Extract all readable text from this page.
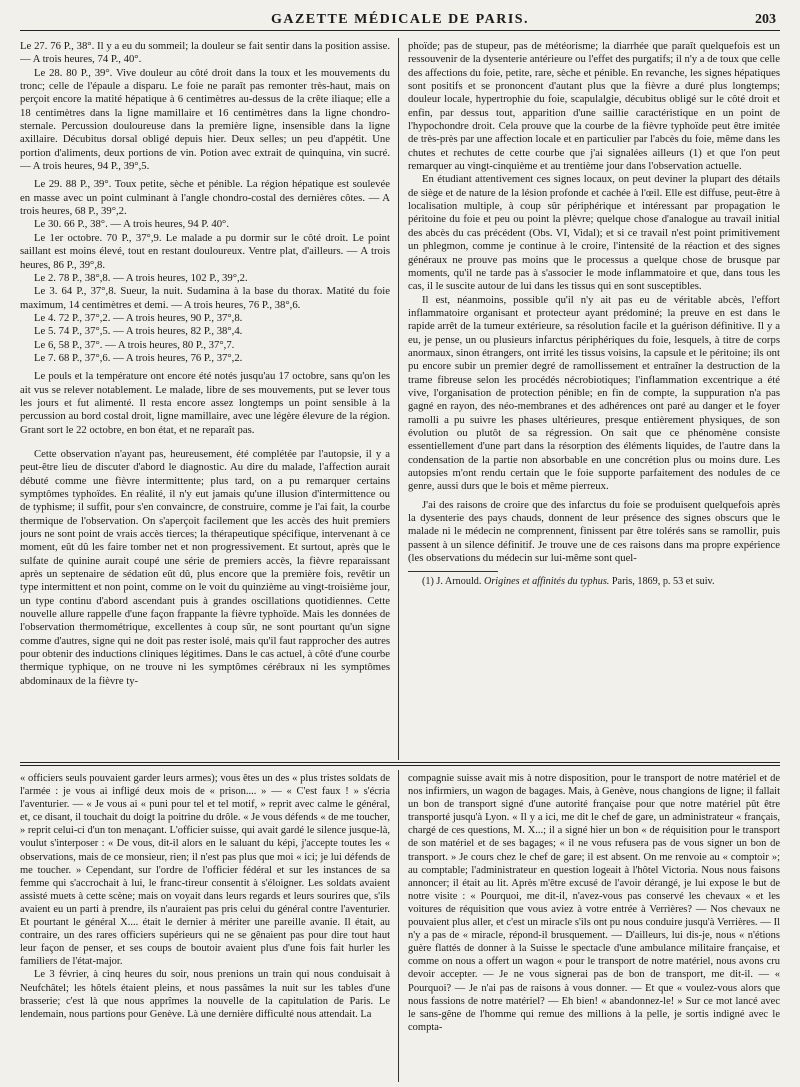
GAZETTE MÉDICALE DE PARIS.	203

Le 27. 76 P., 38°. Il y a eu du sommeil; la douleur se fait sentir dans la position assise. — A trois heures, 74 P., 40°.

Le 28. 80 P., 39°. Vive douleur au côté droit dans la toux et les mouvements du tronc; celle de l'épaule a disparu. Le foie ne paraît pas remonter très-haut, mais on perçoit encore la matité hépatique à 6 centimètres au-dessus de la crête iliaque; elle a 18 centimètres dans la ligne mamillaire et 16 centimètres dans la ligne chondro-sternale. Percussion douloureuse dans la première ligne, insensible dans la ligne axillaire. Décubitus dorsal obligé depuis hier. Deux selles; un peu d'appétit. Une portion d'aliments, deux portions de vin. Potion avec extrait de quinquina, vin sucré. — A trois heures, 94 P., 39°,5.

Le 29. 88 P., 39°. Toux petite, sèche et pénible. La région hépatique est soulevée en masse avec un point culminant à l'angle chondro-costal des dernières côtes. — A trois heures, 68 P., 39°,2.

Le 30. 66 P., 38°. — A trois heures, 94 P. 40°.

Le 1er octobre. 70 P., 37°,9. Le malade a pu dormir sur le côté droit. Le point saillant est moins élevé, tout en restant douloureux. Ventre plat, d'ailleurs. — A trois heures, 86 P., 39°,8.

Le 2. 78 P., 38°,8. — A trois heures, 102 P., 39°,2.

Le 3. 64 P., 37°,8. Sueur, la nuit. Sudamina à la base du thorax. Matité du foie maximum, 14 centimètres et demi. — A trois heures, 76 P., 38°,6.

Le 4. 72 P., 37°,2. — A trois heures, 90 P., 37°,8.

Le 5. 74 P., 37°,5. — A trois heures, 82 P., 38°,4.

Le 6, 58 P., 37°. — A trois heures, 80 P., 37°,7.

Le 7. 68 P., 37°,6. — A trois heures, 76 P., 37°,2.

Le pouls et la température ont encore été notés jusqu'au 17 octobre, sans qu'on les ait vus se relever notablement. Le malade, libre de ses mouvements, put se lever tous les jours et fut alimenté. Il resta encore assez longtemps un point sensible à la percussion au bord costal droit, ligne mamillaire, avec une légère élevure de la région. Grant sort le 22 octobre, en bon état, et ne reparaît pas.

Cette observation n'ayant pas, heureusement, été complétée par l'autopsie, il y a peut-être lieu de discuter d'abord le diagnostic. Au dire du malade, l'affection aurait débuté comme une fièvre intermittente; plus tard, on a pu remarquer certains symptômes typhoïdes. En réalité, il n'y eut jamais qu'une illusion d'intermittence ou de typhisme; il suffit, pour s'en convaincre, de construire, comme je l'ai fait, la courbe thermique de l'observation. On s'aperçoit facilement que les accès des huit premiers jours ne sont point de vrais accès tierces; la thérapeutique spécifique, intervenant à ce moment, eût dû les faire tomber net et non progressivement. Et surtout, après que le sulfate de quinine aurait coupé une série de premiers accès, la fièvre reparaissant après un septenaire de sédation eût dû, plus encore que la première fois, revêtir un type intermittent et non point, comme on le voit du quinzième au vingt-troisième jour, un type continu d'abord ascendant puis à grandes oscillations quotidiennes. Cette nouvelle allure rappelle d'une façon frappante la fièvre typhoïde. Mais les données de l'observation thermométrique, excellentes à coup sûr, ne sont pourtant qu'un signe comme d'autres, signe qui ne doit pas rester isolé, mais qu'il faut rapprocher des autres pour obtenir des inductions cliniques légitimes. Dans le cas actuel, à côté d'une courbe thermique typhique, on ne trouve ni les symptômes cérébraux ni les symptômes abdominaux de la fièvre ty-

phoïde; pas de stupeur, pas de météorisme; la diarrhée que paraît quelquefois est un ressouvenir de la dysenterie antérieure ou l'effet des purgatifs; il n'y a de toux que celle des affections du foie, petite, rare, sèche et pénible. En revanche, les signes hépatiques sont positifs et se prononcent d'autant plus que la fièvre a duré plus longtemps; douleur locale, hypertrophie du foie, scapulalgie, décubitus obligé sur le côté droit et enfin, par dessus tout, apparition d'une saillie caractéristique en un point de l'hypochondre droit. Cela prouve que la courbe de la fièvre typhoïde peut être imitée de très-près par une affection locale et en particulier par l'abcès du foie, même dans les chutes et rechutes de cette courbe que j'ai signalées ailleurs (1) et que l'on peut remarquer au vingt-cinquième et au trentième jour dans l'observation actuelle.

En étudiant attentivement ces signes locaux, on peut deviner la plupart des détails de siège et de nature de la lésion profonde et cachée à l'œil. Elle est diffuse, peut-être à localisation multiple, à coup sûr périphérique et intéressant par propagation le péritoine du foie et peu ou point la plèvre; quelque chose d'analogue au travail initial des abcès du cas précédent (Obs. VI, Vidal); et si ce travail n'est point primitivement un phlegmon, comme je continue à le croire, l'intensité de la réaction et des signes généraux ne prouve pas moins que le processus a quelque chose de brusque par moments, qu'il ne tarde pas à s'associer le mode inflammatoire et que, dans tous les cas, il le suscite autour de lui dans les tissus qui en sont susceptibles.

Il est, néanmoins, possible qu'il n'y ait pas eu de véritable abcès, l'effort inflammatoire organisant et protecteur ayant prédominé; la preuve en est dans le rapide arrêt de la tumeur extérieure, sa résolution facile et la guérison définitive. Il y a eu, je pense, un ou plusieurs infarctus périphériques du foie, lesquels, à titre de corps anormaux, sinon étrangers, ont irrité les tissus voisins, la capsule et le péritoine; ils ont pu encore subir un premier degré de ramollissement et entraîner la destruction de la trame fibreuse selon les procédés nécrobiotiques; l'inflammation excentrique a été vive, l'organisation de protection pénible; en fin de compte, la suppuration n'a pas gagné en rayon, des néo-membranes et des adhérences ont paré au danger et le foyer ramolli a pu suivre les phases ultérieures, presque entièrement physiques, de son évolution ou plutôt de sa régression. On sait que ce phénomène consiste essentiellement d'une part dans la résorption des éléments liquides, de l'autre dans la condensation de la partie non absorbable en une concrétion plus ou moins dure. Les autopsies m'ont rendu certain que le foie supporte parfaitement des nodules de ce genre, aussi durs que le bois et même pierreux.

J'ai des raisons de croire que des infarctus du foie se produisent quelquefois après la dysenterie des pays chauds, donnent de leur présence des signes obscurs que le malade ni le médecin ne comprennent, finissent par être tolérés sans se ramollir, puis passent à un silence définitif. Je trouve une de ces raisons dans ma propre expérience (les observations du médecin sur lui-même sont quel-

(1) J. Arnould. Origines et affinités du typhus. Paris, 1869, p. 53 et suiv.

« officiers seuls pouvaient garder leurs armes); vous êtes un des « plus tristes soldats de l'armée : je vous ai infligé deux mois de « prison.... » — « C'est faux ! » s'écria l'aventurier. — « Je vous ai « puni pour tel et tel motif, » reprit avec calme le général, et, ce disant, il touchait du doigt la poitrine du drôle. « Je vous défends « de me toucher, » reprit celui-ci d'un ton menaçant. L'officier suisse, qui avait gardé le silence jusque-là, voulut s'interposer : « De vous, dit-il alors en le saluant du képi, j'accepte toutes les « observations, mais de ce monsieur, rien; il n'est pas plus que moi « ici; je lui défends de me toucher. » Cependant, sur l'ordre de l'officier fédéral et sur les instances de sa femme qui s'accrochait à lui, le franc-tireur consentit à s'éloigner. Les soldats avaient assisté muets à cette scène; mais on voyait dans leurs regards et leurs sourires que, s'ils avaient eu un parti à prendre, ils n'auraient pas pris celui du général contre l'aventurier. Et pourtant le général X.... était le dernier à mériter une pareille avanie. Il était, au contraire, un des rares officiers supérieurs qui ne se gênaient pas pour dire tout haut leur façon de penser, et ses coups de boutoir avaient plus d'une fois fait hurler les familiers de l'état-major.

Le 3 février, à cinq heures du soir, nous prenions un train qui nous conduisait à Neufchâtel; les hôtels étaient pleins, et nous passâmes la nuit sur les tables d'une brasserie; c'est là que nous apprîmes la nouvelle de la capitulation de Paris. Le lendemain, nous partions pour Genève. Là une dernière difficulté nous attendait. La

compagnie suisse avait mis à notre disposition, pour le transport de notre matériel et de nos infirmiers, un wagon de bagages. Mais, à Genève, nous changions de ligne; il fallait un bon de transport signé d'une autorité française pour que notre matériel pût être transporté jusqu'à Lyon. « Il y a ici, me dit le chef de gare, un administrateur « français, chargé de ces questions, M. X...; il a signé hier un bon « de réquisition pour le transport de son matériel et de ses bagages; « il ne vous refusera pas de vous signer un bon de transport. » Je cours chez le chef de gare; il est absent. On me renvoie au « comptoir »; au comptable; l'administrateur en question logeait à l'hôtel Victoria. Nous nous faisons annoncer; il était au lit. Après m'être excusé de l'avoir dérangé, je lui expose le but de notre visite : « Pourquoi, me dit-il, n'avez-vous pas conservé les chevaux « et les voitures de réquisition que vous aviez à votre entrée à Verrières? — Nos chevaux ne pouvaient plus aller, et c'est un miracle s'ils ont pu nous conduire jusqu'à Verrières. — Il n'y a pas de « miracle, répond-il brusquement. — D'ailleurs, lui dis-je, nous « n'étions guère flattés de donner à la Suisse le spectacle d'une ambulance militaire française, et comme on nous a offert un wagon « pour le transport de notre matériel, nous avons cru devoir accepter. — Je ne vous signerai pas de bon de transport, me dit-il. — « Pourquoi? — Je n'ai pas de raisons à vous donner. — Et que « voulez-vous alors que nous fassions de notre matériel? — Eh bien! « abandonnez-le! » Sur ce mot lancé avec le sans-gêne de l'homme qui remue des millions à la pelle, je sortis indigné avec le compta-
